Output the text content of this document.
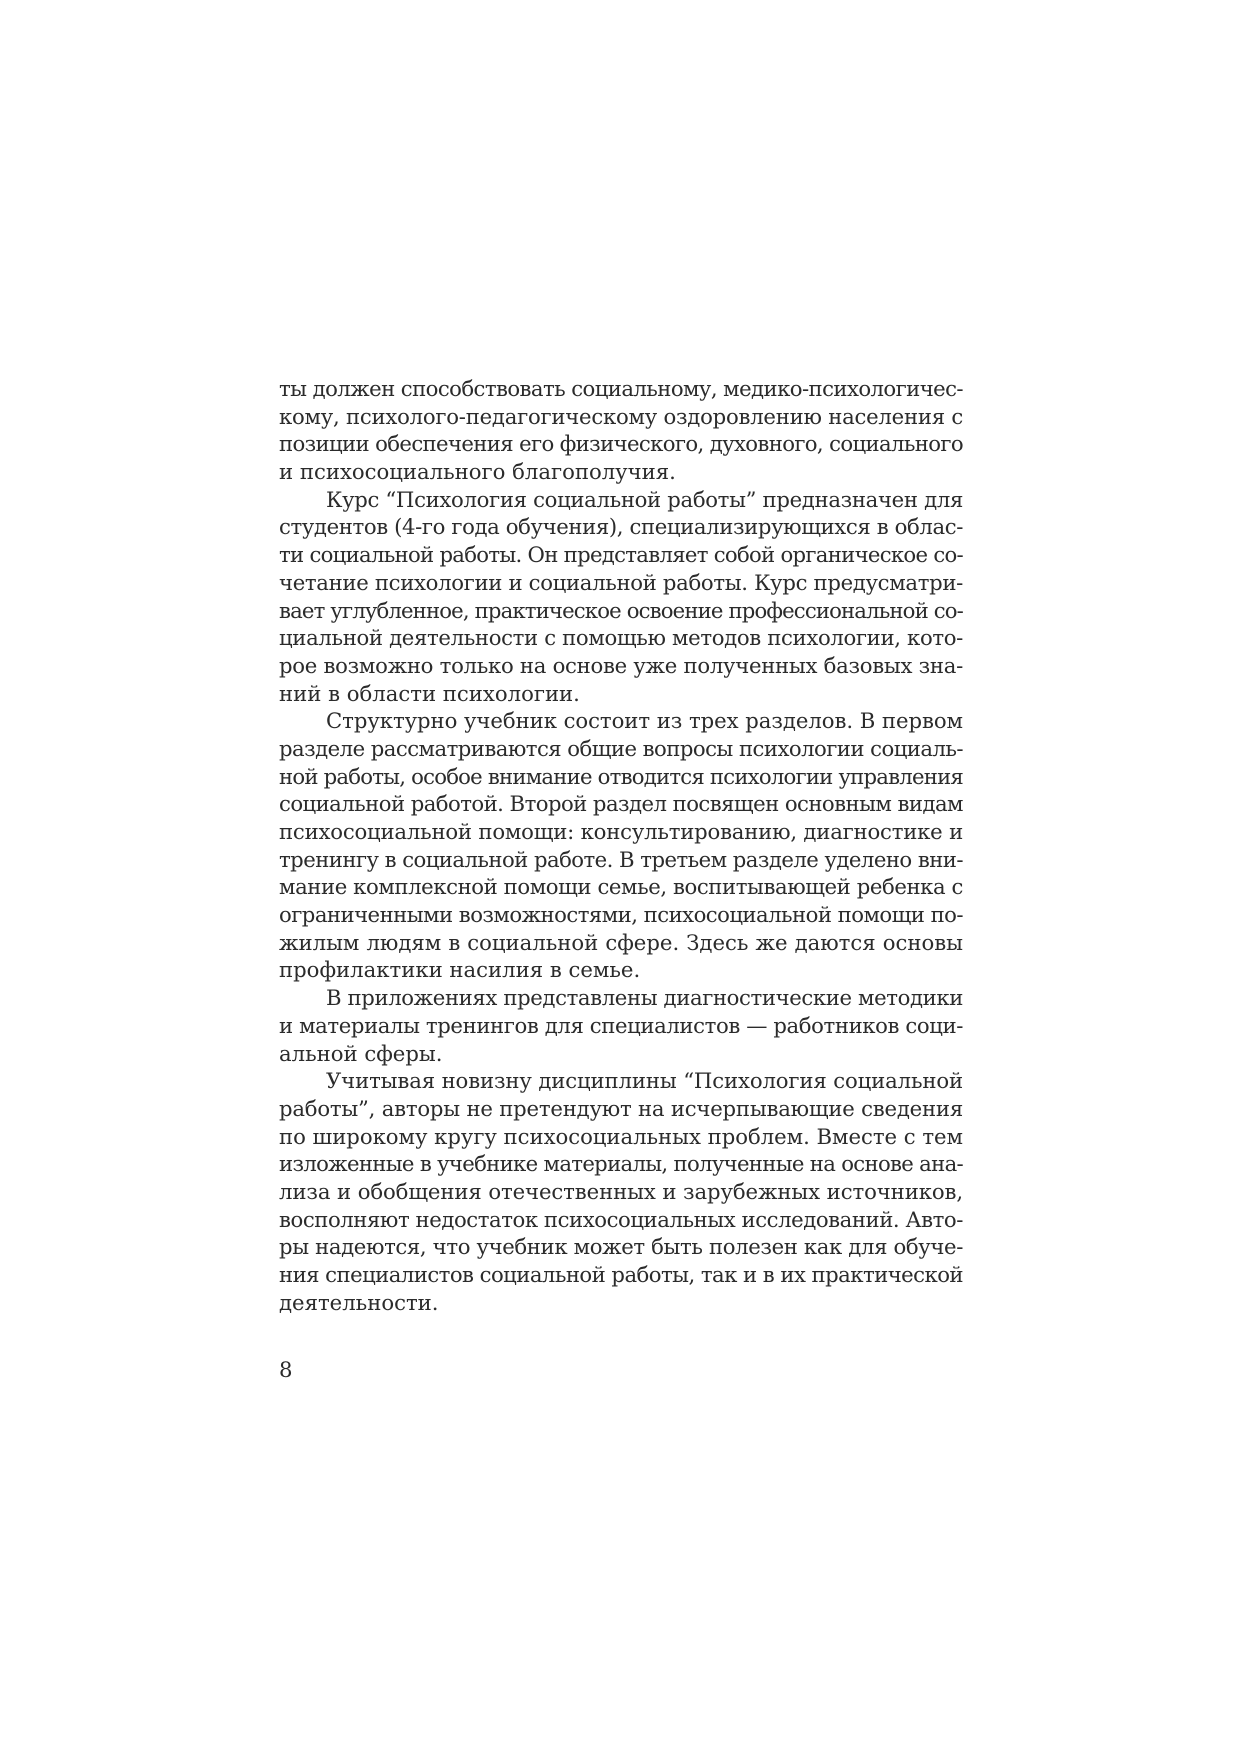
ты должен способствовать социальному, медико-психологичес-
кому, психолого-педагогическому оздоровлению населения с
позиции обеспечения его физического, духовного, социального
и психосоциального благополучия.
Курс “Психология социальной работы” предназначен для
студентов (4-го года обучения), специализирующихся в облас-
ти социальной работы. Он представляет собой органическое со-
четание психологии и социальной работы. Курс предусматри-
вает углубленное, практическое освоение профессиональной со-
циальной деятельности с помощью методов психологии, кото-
рое возможно только на основе уже полученных базовых зна-
ний в области психологии.
Структурно учебник состоит из трех разделов. В первом
разделе рассматриваются общие вопросы психологии социаль-
ной работы, особое внимание отводится психологии управления
социальной работой. Второй раздел посвящен основным видам
психосоциальной помощи: консультированию, диагностике и
тренингу в социальной работе. В третьем разделе уделено вни-
мание комплексной помощи семье, воспитывающей ребенка с
ограниченными возможностями, психосоциальной помощи по-
жилым людям в социальной сфере. Здесь же даются основы
профилактики насилия в семье.
В приложениях представлены диагностические методики
и материалы тренингов для специалистов — работников соци-
альной сферы.
Учитывая новизну дисциплины “Психология социальной
работы”, авторы не претендуют на исчерпывающие сведения
по широкому кругу психосоциальных проблем. Вместе с тем
изложенные в учебнике материалы, полученные на основе ана-
лиза и обобщения отечественных и зарубежных источников,
восполняют недостаток психосоциальных исследований. Авто-
ры надеются, что учебник может быть полезен как для обуче-
ния специалистов социальной работы, так и в их практической
деятельности.
8
